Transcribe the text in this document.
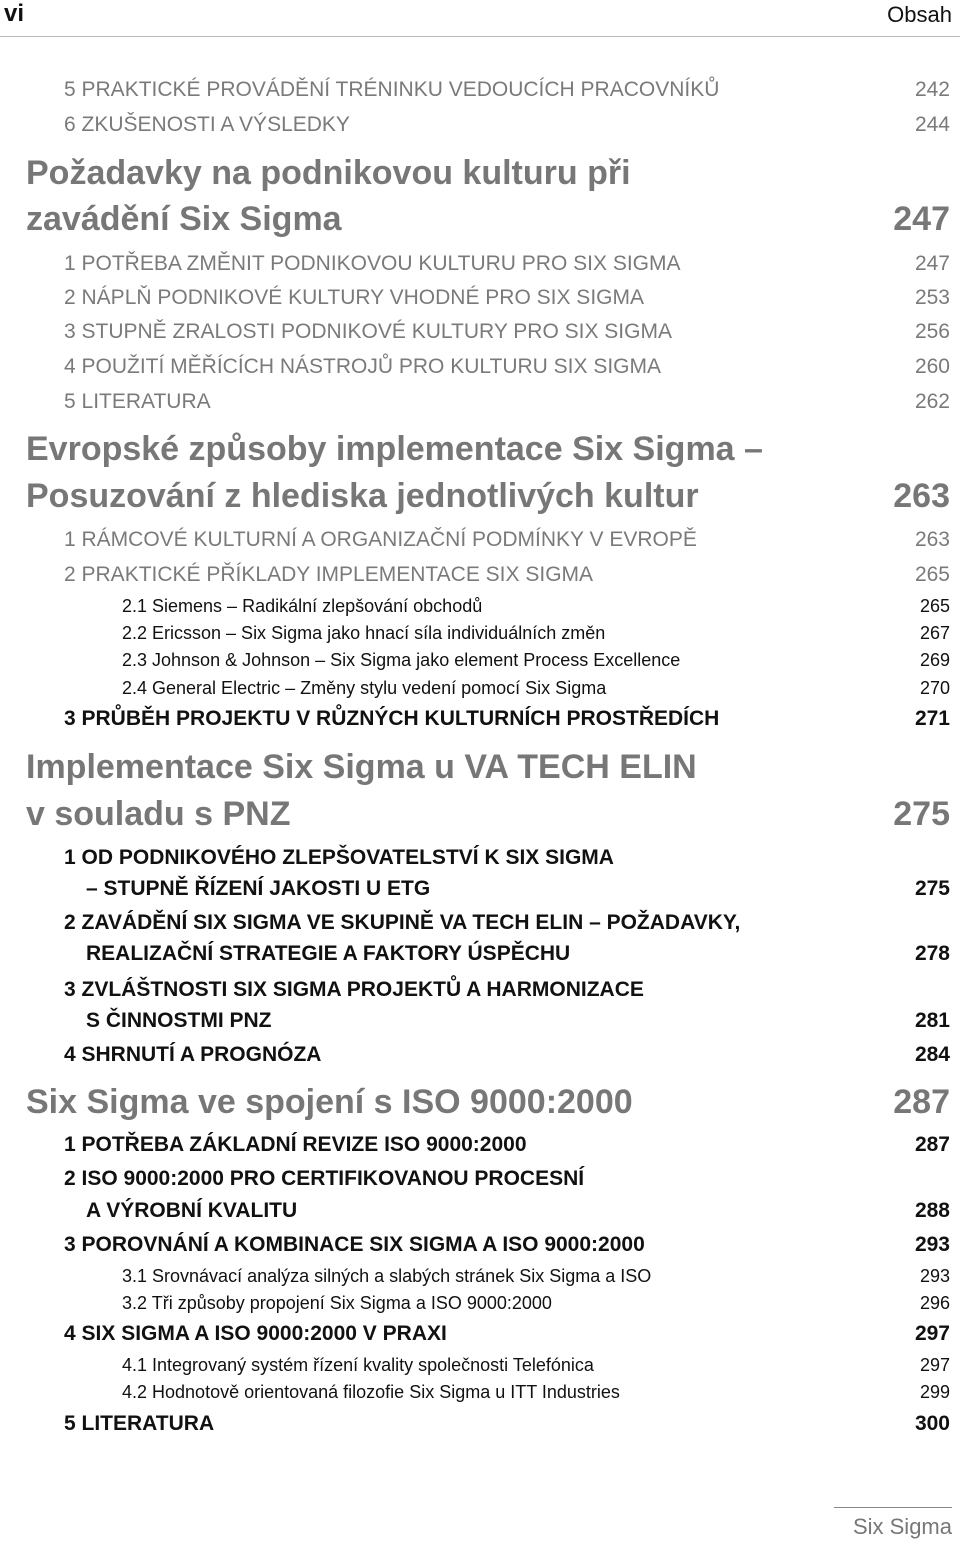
vi	Obsah
5 PRAKTICKÉ PROVÁDĚNÍ TRÉNINKU VEDOUCÍCH PRACOVNÍKŮ	242
6 ZKUŠENOSTI A VÝSLEDKY	244
Požadavky na podnikovou kulturu při
zavádění Six Sigma	247
1 POTŘEBA ZMĚNIT PODNIKOVOU KULTURU PRO SIX SIGMA	247
2 NÁPLŇ PODNIKOVÉ KULTURY VHODNÉ PRO SIX SIGMA	253
3 STUPNĚ ZRALOSTI PODNIKOVÉ KULTURY PRO SIX SIGMA	256
4 POUŽITÍ MĚŘÍCÍCH NÁSTROJŮ PRO KULTURU SIX SIGMA	260
5 LITERATURA	262
Evropské způsoby implementace Six Sigma –
Posuzování z hlediska jednotlivých kultur	263
1 RÁMCOVÉ KULTURNÍ A ORGANIZAČNÍ PODMÍNKY V EVROPĚ	263
2 PRAKTICKÉ PŘÍKLADY IMPLEMENTACE SIX SIGMA	265
2.1 Siemens – Radikální zlepšování obchodů	265
2.2 Ericsson – Six Sigma jako hnací síla individuálních změn	267
2.3 Johnson & Johnson – Six Sigma jako element Process Excellence	269
2.4 General Electric – Změny stylu vedení pomocí Six Sigma	270
3 PRŮBĚH PROJEKTU V RŮZNÝCH KULTURNÍCH PROSTŘEDÍCH	271
Implementace Six Sigma u VA TECH ELIN
v souladu s PNZ	275
1 OD PODNIKOVÉHO ZLEPŠOVATELSTVÍ K SIX SIGMA
– STUPNĚ ŘÍZENÍ JAKOSTI U ETG	275
2 ZAVÁDĚNÍ SIX SIGMA VE SKUPINĚ VA TECH ELIN – POŽADAVKY,
REALIZAČNÍ STRATEGIE A FAKTORY ÚSPĚCHU	278
3 ZVLÁŠTNOSTI SIX SIGMA PROJEKTŮ A HARMONIZACE
S ČINNOSTMI PNZ	281
4 SHRNUTÍ A PROGNÓZA	284
Six Sigma ve spojení s ISO 9000:2000	287
1 POTŘEBA ZÁKLADNÍ REVIZE ISO 9000:2000	287
2 ISO 9000:2000 PRO CERTIFIKOVANOU PROCESNÍ
A VÝROBNÍ KVALITU	288
3 POROVNÁNÍ A KOMBINACE SIX SIGMA A ISO 9000:2000	293
3.1 Srovnávací analýza silných a slabých stránek Six Sigma a ISO	293
3.2 Tři způsoby propojení Six Sigma a ISO 9000:2000	296
4 SIX SIGMA A ISO 9000:2000 V PRAXI	297
4.1 Integrovaný systém řízení kvality společnosti Telefónica	297
4.2 Hodnotově orientovaná filozofie Six Sigma u ITT Industries	299
5 LITERATURA	300
Six Sigma
